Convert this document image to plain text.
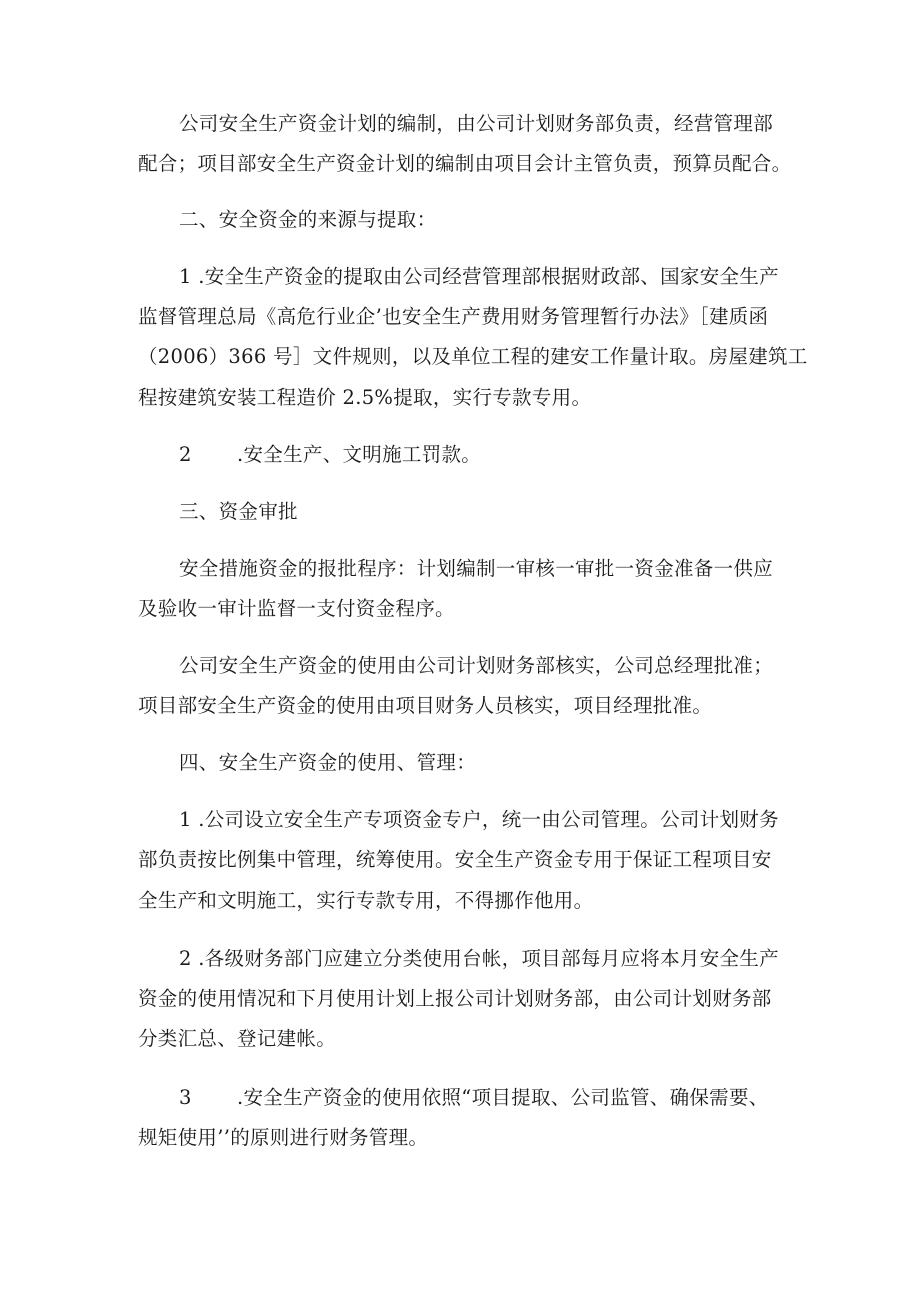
公司安全生产资金计划的编制，由公司计划财务部负责，经营管理部
配合；项目部安全生产资金计划的编制由项目会计主管负责，预算员配合。
二、安全资金的来源与提取：
1 .安全生产资金的提取由公司经营管理部根据财政部、国家安全生产
监督管理总局《高危行业企’也安全生产费用财务管理暂行办法》［建质函
（2006）366 号］文件规则，以及单位工程的建安工作量计取。房屋建筑工
程按建筑安装工程造价 2.5%提取，实行专款专用。
2 .安全生产、文明施工罚款。
三、资金审批
安全措施资金的报批程序：计划编制一审核一审批一资金准备一供应
及验收一审计监督一支付资金程序。
公司安全生产资金的使用由公司计划财务部核实，公司总经理批准；
项目部安全生产资金的使用由项目财务人员核实，项目经理批准。
四、安全生产资金的使用、管理：
1 .公司设立安全生产专项资金专户，统一由公司管理。公司计划财务
部负责按比例集中管理，统筹使用。安全生产资金专用于保证工程项目安
全生产和文明施工，实行专款专用，不得挪作他用。
2 .各级财务部门应建立分类使用台帐，项目部每月应将本月安全生产
资金的使用情况和下月使用计划上报公司计划财务部，由公司计划财务部
分类汇总、登记建帐。
3 .安全生产资金的使用依照“项目提取、公司监管、确保需要、
规矩使用’’的原则进行财务管理。
